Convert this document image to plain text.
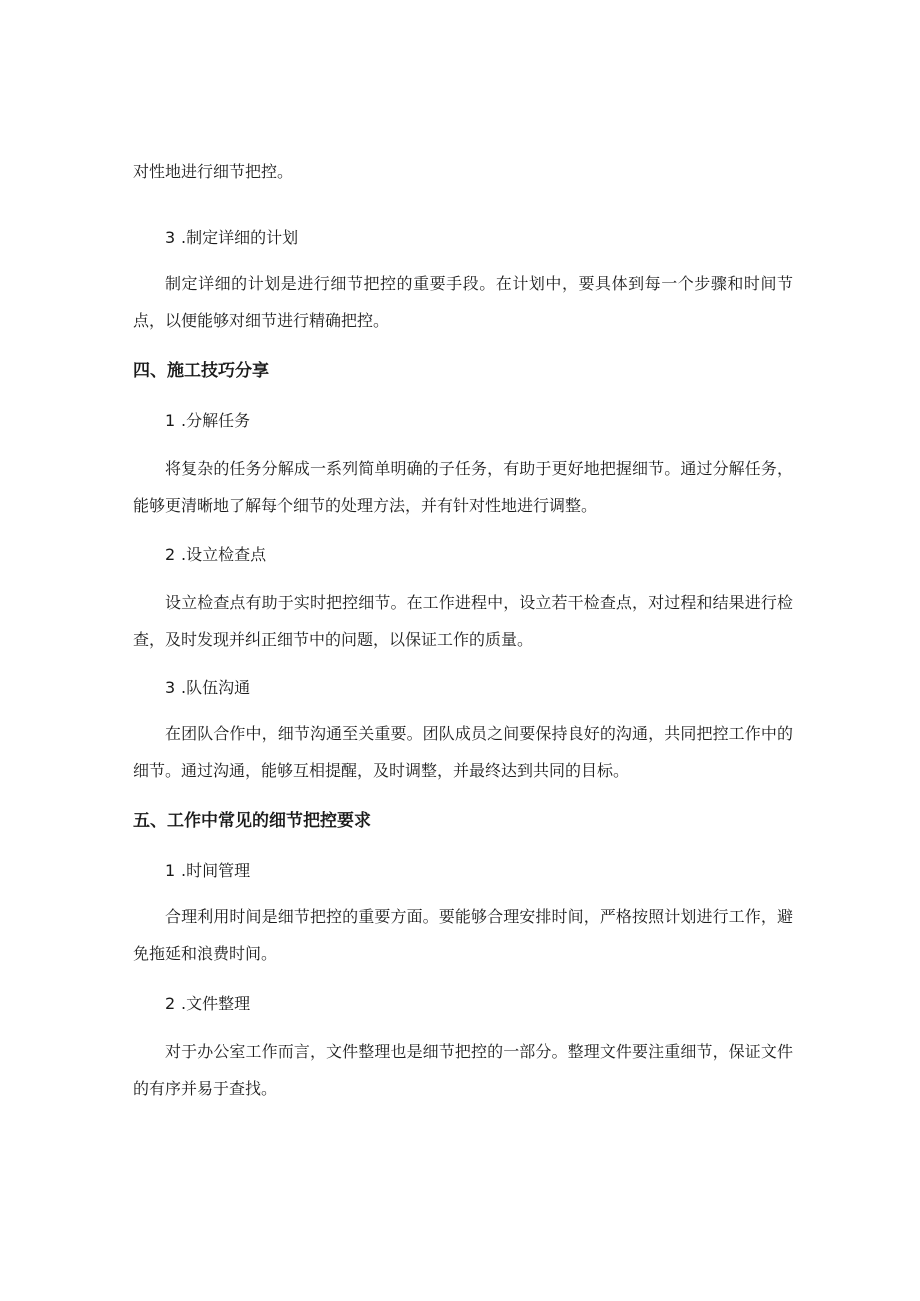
对性地进行细节把控。
3 .制定详细的计划
制定详细的计划是进行细节把控的重要手段。在计划中，要具体到每一个步骤和时间节点，以便能够对细节进行精确把控。
四、施工技巧分享
1 .分解任务
将复杂的任务分解成一系列简单明确的子任务，有助于更好地把握细节。通过分解任务，能够更清晰地了解每个细节的处理方法，并有针对性地进行调整。
2 .设立检查点
设立检查点有助于实时把控细节。在工作进程中，设立若干检查点，对过程和结果进行检查，及时发现并纠正细节中的问题，以保证工作的质量。
3 .队伍沟通
在团队合作中，细节沟通至关重要。团队成员之间要保持良好的沟通，共同把控工作中的细节。通过沟通，能够互相提醒，及时调整，并最终达到共同的目标。
五、工作中常见的细节把控要求
1 .时间管理
合理利用时间是细节把控的重要方面。要能够合理安排时间，严格按照计划进行工作，避免拖延和浪费时间。
2 .文件整理
对于办公室工作而言，文件整理也是细节把控的一部分。整理文件要注重细节，保证文件的有序并易于查找。
